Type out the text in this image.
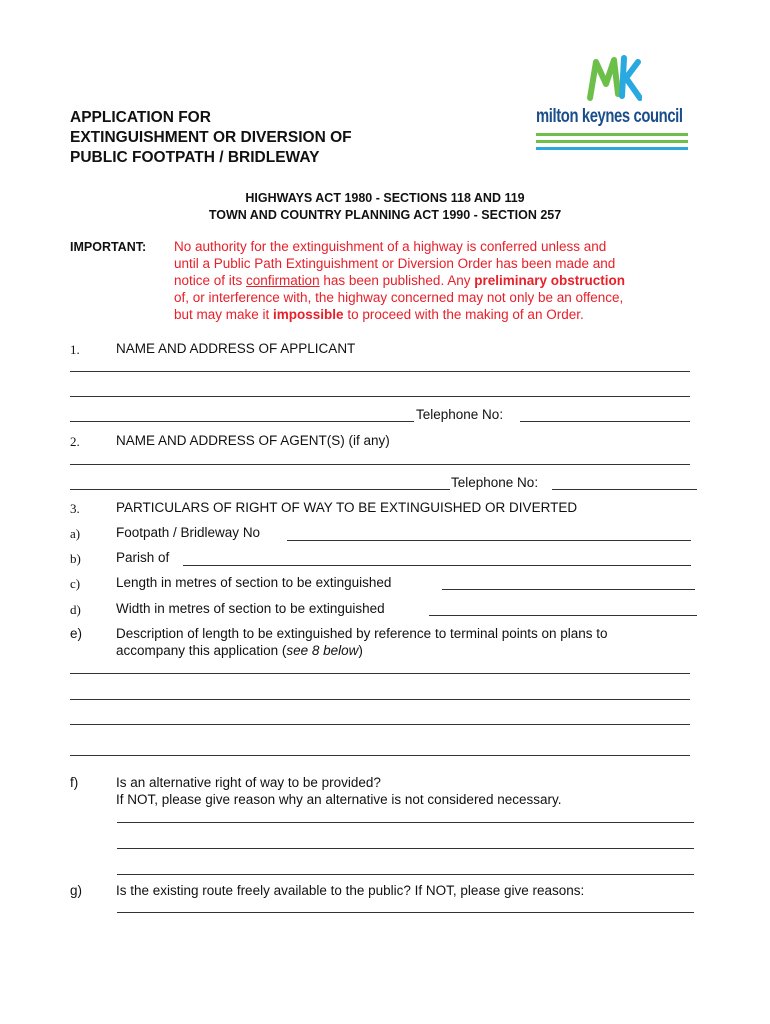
APPLICATION FOR
EXTINGUISHMENT OR DIVERSION OF
PUBLIC FOOTPATH / BRIDLEWAY
milton keynes council
HIGHWAYS ACT 1980 - SECTIONS 118 AND 119
TOWN AND COUNTRY PLANNING ACT 1990 - SECTION 257
IMPORTANT: No authority for the extinguishment of a highway is conferred unless and
until a Public Path Extinguishment or Diversion Order has been made and
notice of its confirmation has been published. Any preliminary obstruction
of, or interference with, the highway concerned may not only be an offence,
but may make it impossible to proceed with the making of an Order.
1.	NAME AND ADDRESS OF APPLICANT
Telephone No:
2.	NAME AND ADDRESS OF AGENT(S) (if any)
Telephone No:
3.	PARTICULARS OF RIGHT OF WAY TO BE EXTINGUISHED OR DIVERTED
a)	Footpath / Bridleway No
b)	Parish of
c)	Length in metres of section to be extinguished
d)	Width in metres of section to be extinguished
e)	Description of length to be extinguished by reference to terminal points on plans to
accompany this application (see 8 below)
f)	Is an alternative right of way to be provided?
If NOT, please give reason why an alternative is not considered necessary.
g)	Is the existing route freely available to the public? If NOT, please give reasons:
